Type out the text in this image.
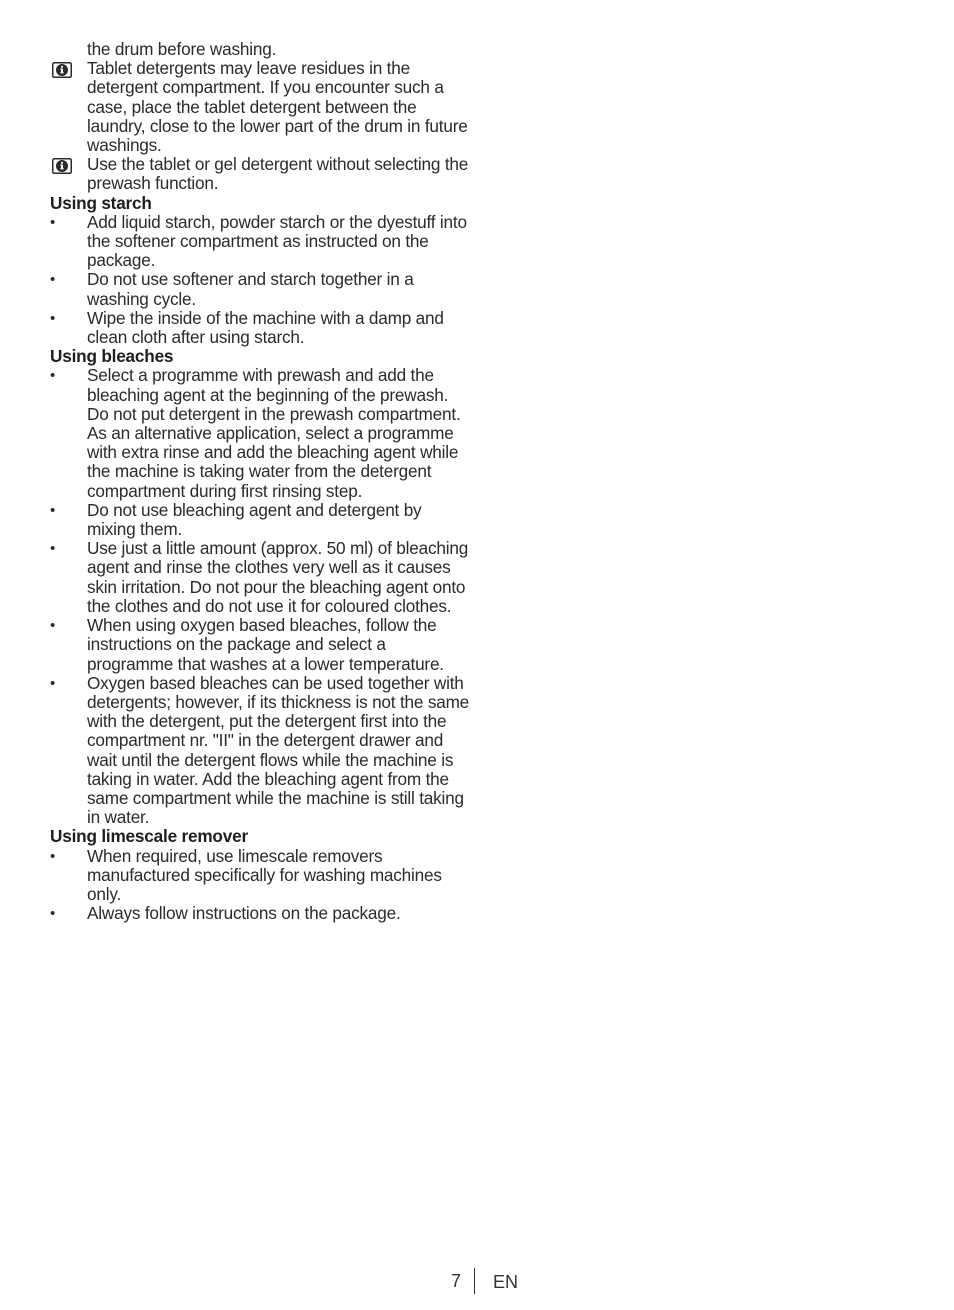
the drum before washing.
Tablet detergents may leave residues in the detergent compartment. If you encounter such a case, place the tablet detergent between the laundry, close to the lower part of the drum in future washings.
Use the tablet or gel detergent without selecting the prewash function.
Using starch
•	Add liquid starch, powder starch or the dyestuff into the softener compartment as instructed on the package.
•	Do not use softener and starch together in a washing cycle.
•	Wipe the inside of the machine with a damp and clean cloth after using starch.
Using bleaches
•	Select a programme with prewash and add the bleaching agent at the beginning of the prewash. Do not put detergent in the prewash compartment. As an alternative application, select a programme with extra rinse and add the bleaching agent while the machine is taking water from the detergent compartment during first rinsing step.
•	Do not use bleaching agent and detergent by mixing them.
•	Use just a little amount (approx. 50 ml) of bleaching agent and rinse the clothes very well as it causes skin irritation. Do not pour the bleaching agent onto the clothes and do not use it for coloured clothes.
•	When using oxygen based bleaches, follow the instructions on the package and select a programme that washes at a lower temperature.
•	Oxygen based bleaches can be used together with detergents; however, if its thickness is not the same with the detergent, put the detergent first into the compartment nr. "II" in the detergent drawer and wait until the detergent flows while the machine is taking in water. Add the bleaching agent from the same compartment while the machine is still taking in water.
Using limescale remover
•	When required, use limescale removers manufactured specifically for washing machines only.
•	Always follow instructions on the package.
7 EN
